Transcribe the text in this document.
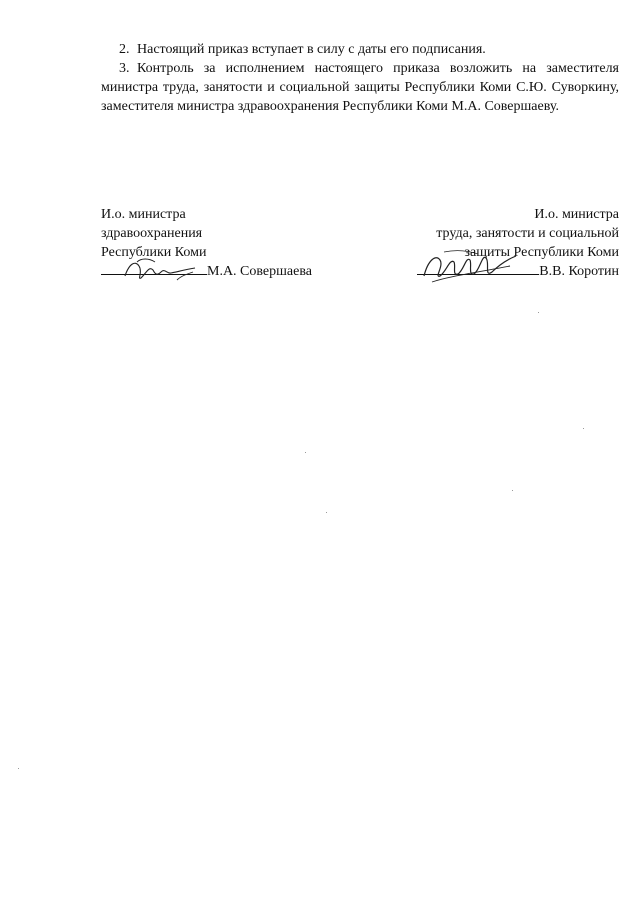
2. Настоящий приказ вступает в силу с даты его подписания.

3. Контроль за исполнением настоящего приказа возложить на заместителя министра труда, занятости и социальной защиты Республики Коми С.Ю. Суворкину, заместителя министра здравоохранения Республики Коми М.А. Совершаеву.

И.о. министра
здравоохранения
Республики Коми
М.А. Совершаева
И.о. министра
труда, занятости и социальной
защиты Республики Коми
В.В. Коротин
